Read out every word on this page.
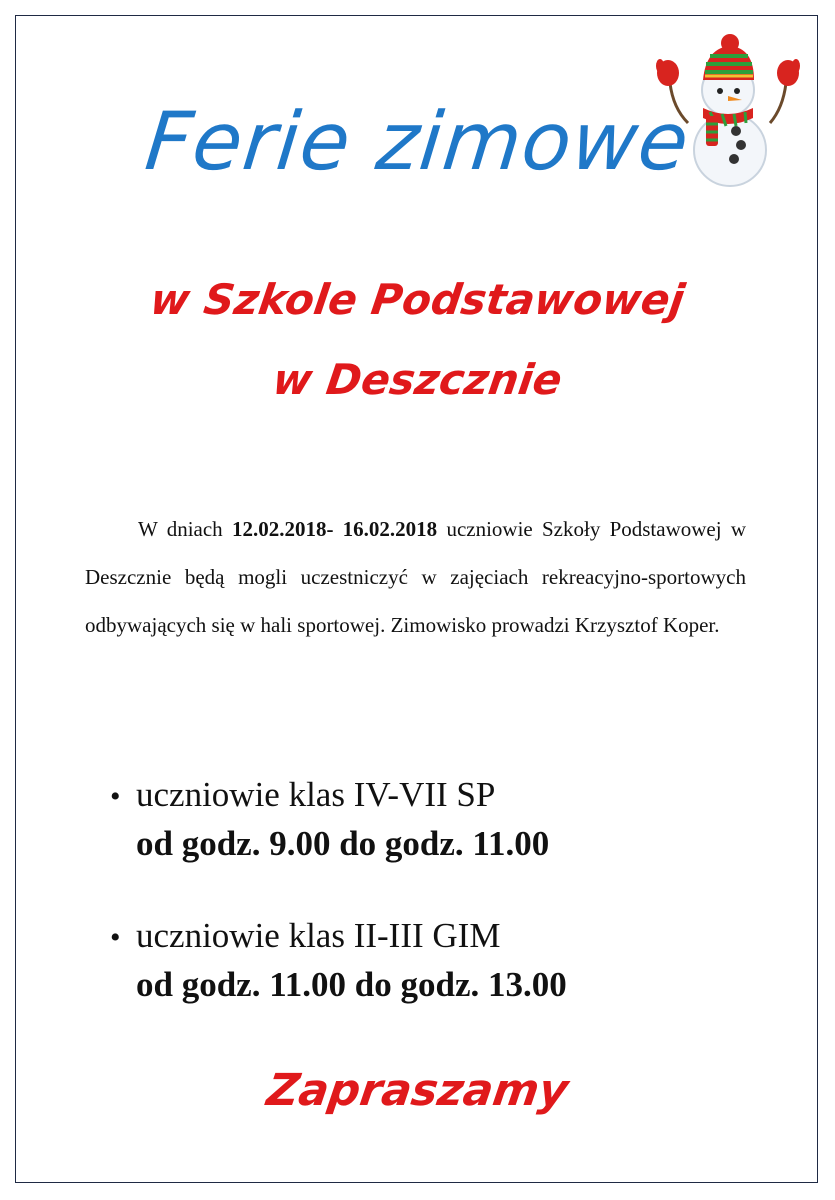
Ferie zimowe
w Szkole Podstawowej
w Deszcznie

W dniach 12.02.2018- 16.02.2018 uczniowie Szkoły Podstawowej w Deszcznie będą mogli uczestniczyć w zajęciach rekreacyjno-sportowych odbywających się w hali sportowej. Zimowisko prowadzi Krzysztof Koper.

• uczniowie klas IV-VII SP
od godz. 9.00 do godz. 11.00
• uczniowie klas II-III GIM
od godz. 11.00 do godz. 13.00
Zapraszamy
